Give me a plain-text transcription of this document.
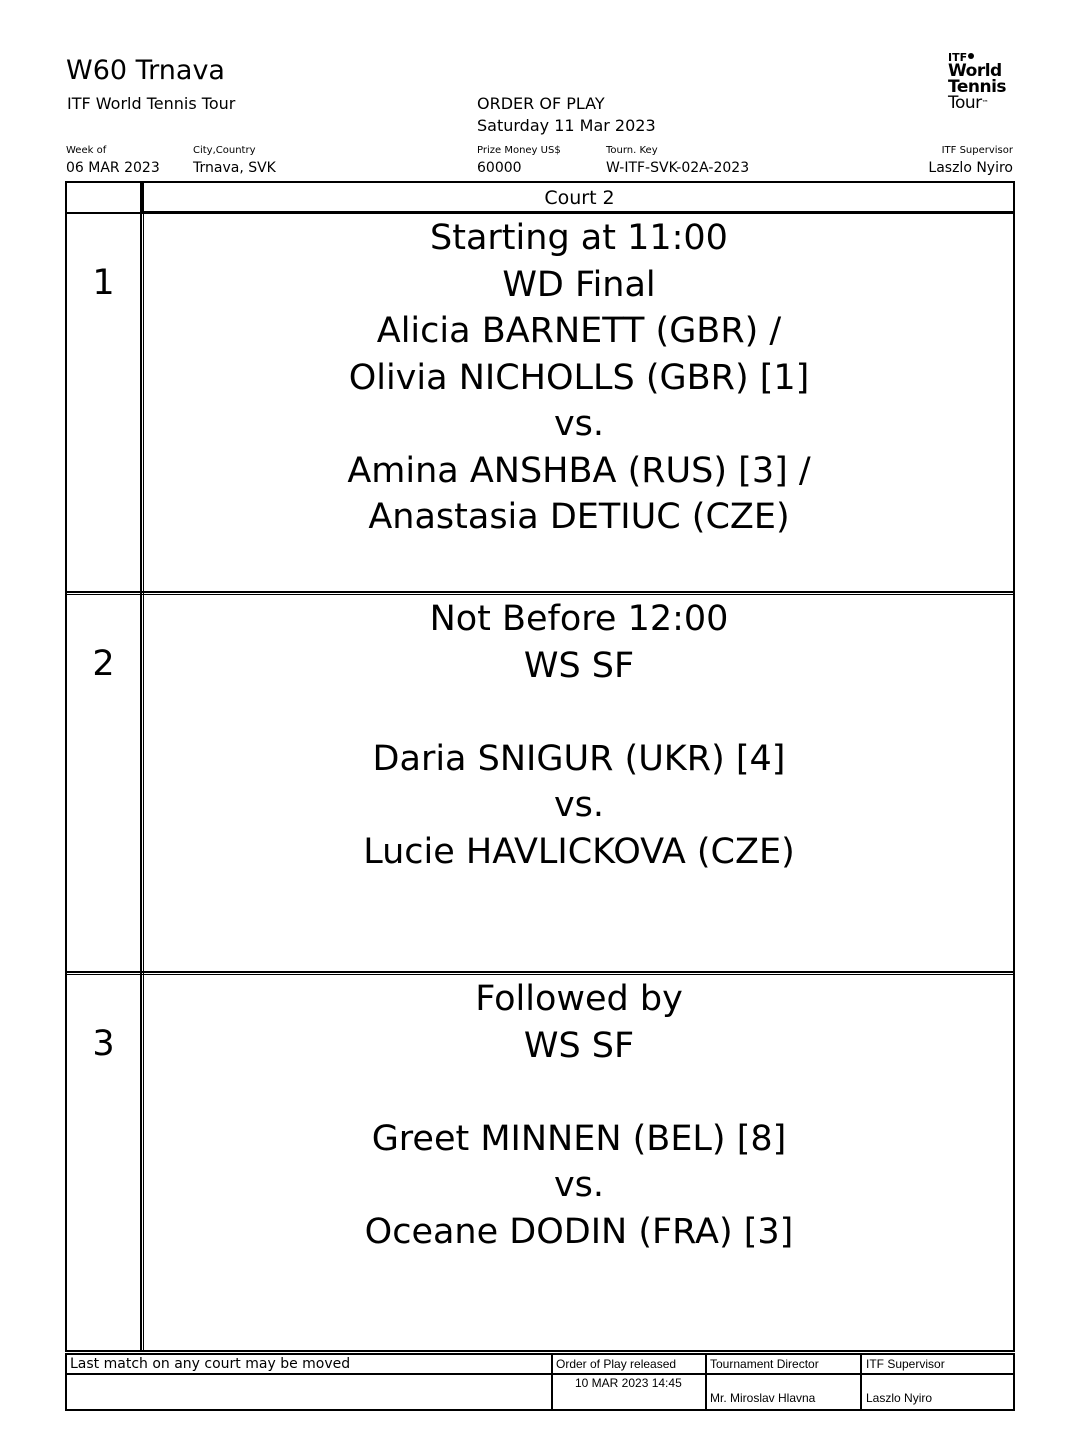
W60 Trnava
ITF World Tennis Tour	ORDER OF PLAY
Saturday 11 Mar 2023
ITF
World
Tennis
Tour™
Week of
06 MAR 2023
City,Country
Trnava, SVK
Prize Money US$
60000
Tourn. Key
W-ITF-SVK-02A-2023
ITF Supervisor
Laszlo Nyiro
Court 2
1
Starting at 11:00
WD Final
Alicia BARNETT (GBR) /
Olivia NICHOLLS (GBR) [1]
vs.
Amina ANSHBA (RUS) [3] /
Anastasia DETIUC (CZE)
2
Not Before 12:00
WS SF
Daria SNIGUR (UKR) [4]
vs.
Lucie HAVLICKOVA (CZE)
3
Followed by
WS SF
Greet MINNEN (BEL) [8]
vs.
Oceane DODIN (FRA) [3]
Last match on any court may be moved	Order of Play released
10 MAR 2023 14:45
Tournament Director
Mr. Miroslav Hlavna
ITF Supervisor
Laszlo Nyiro
